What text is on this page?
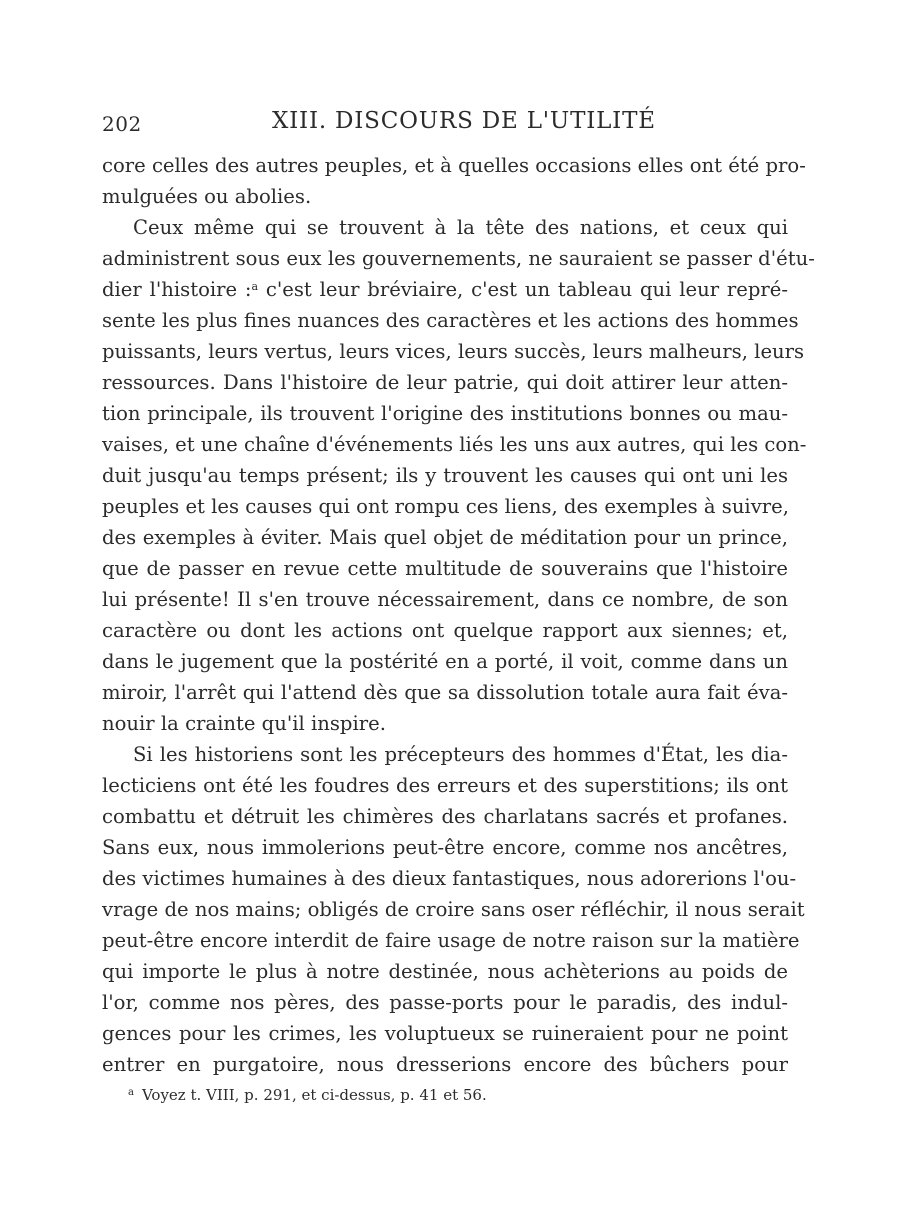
202	XIII. DISCOURS DE L'UTILITÉ
core celles des autres peuples, et à quelles occasions elles ont été pro-
mulguées ou abolies.
Ceux même qui se trouvent à la tête des nations, et ceux qui
administrent sous eux les gouvernements, ne sauraient se passer d'étu-
dier l'histoire :$^a$ c'est leur bréviaire, c'est un tableau qui leur repré-
sente les plus fines nuances des caractères et les actions des hommes
puissants, leurs vertus, leurs vices, leurs succès, leurs malheurs, leurs
ressources. Dans l'histoire de leur patrie, qui doit attirer leur atten-
tion principale, ils trouvent l'origine des institutions bonnes ou mau-
vaises, et une chaîne d'événements liés les uns aux autres, qui les con-
duit jusqu'au temps présent; ils y trouvent les causes qui ont uni les
peuples et les causes qui ont rompu ces liens, des exemples à suivre,
des exemples à éviter. Mais quel objet de méditation pour un prince,
que de passer en revue cette multitude de souverains que l'histoire
lui présente! Il s'en trouve nécessairement, dans ce nombre, de son
caractère ou dont les actions ont quelque rapport aux siennes; et,
dans le jugement que la postérité en a porté, il voit, comme dans un
miroir, l'arrêt qui l'attend dès que sa dissolution totale aura fait éva-
nouir la crainte qu'il inspire.
Si les historiens sont les précepteurs des hommes d'État, les dia-
lecticiens ont été les foudres des erreurs et des superstitions; ils ont
combattu et détruit les chimères des charlatans sacrés et profanes.
Sans eux, nous immolerions peut-être encore, comme nos ancêtres,
des victimes humaines à des dieux fantastiques, nous adorerions l'ou-
vrage de nos mains; obligés de croire sans oser réfléchir, il nous serait
peut-être encore interdit de faire usage de notre raison sur la matière
qui importe le plus à notre destinée, nous achèterions au poids de
l'or, comme nos pères, des passe-ports pour le paradis, des indul-
gences pour les crimes, les voluptueux se ruineraient pour ne point
entrer en purgatoire, nous dresserions encore des bûchers pour
$^a$ Voyez t. VIII, p. 291, et ci-dessus, p. 41 et 56.
